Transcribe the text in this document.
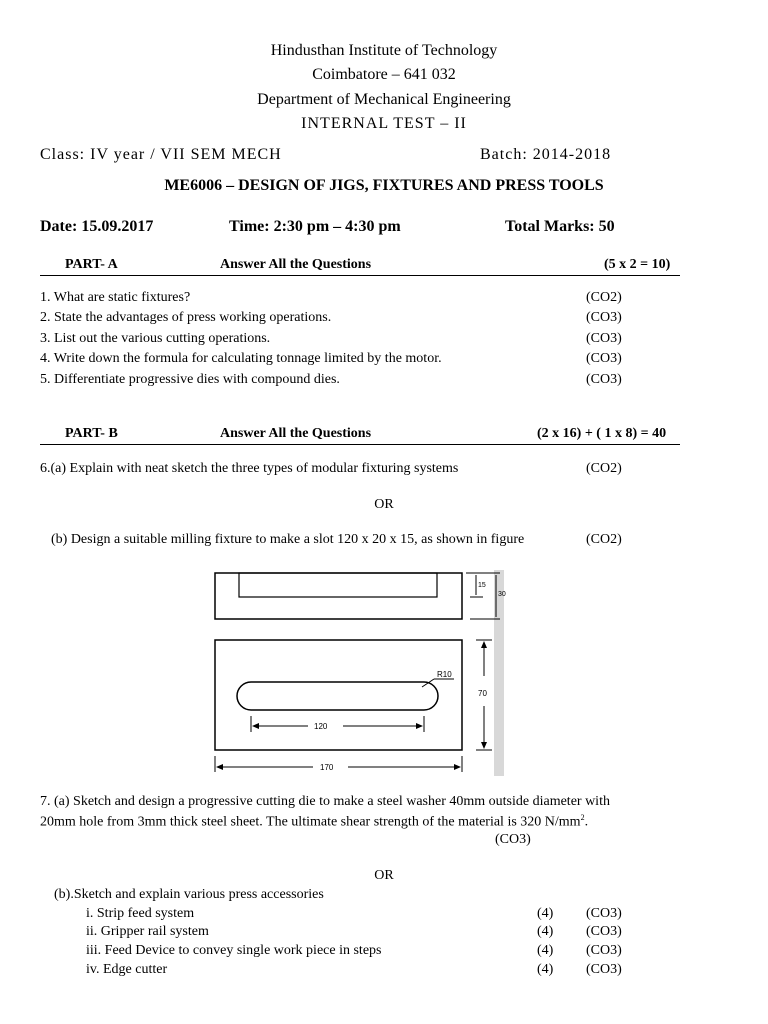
Hindusthan Institute of Technology
Coimbatore – 641 032
Department of Mechanical Engineering
INTERNAL TEST – II
Class: IV year / VII SEM MECH	Batch: 2014-2018
ME6006 – DESIGN OF JIGS, FIXTURES AND PRESS TOOLS
Date: 15.09.2017	Time: 2:30 pm – 4:30 pm	Total Marks: 50
PART- A	Answer All the Questions	(5 x 2 = 10)
1. What are static fixtures?	(CO2)
2. State the advantages of press working operations.	(CO3)
3. List out the various cutting operations.	(CO3)
4. Write down the formula for calculating tonnage limited by the motor.	(CO3)
5. Differentiate progressive dies with compound dies.	(CO3)
PART- B	Answer All the Questions	(2 x 16) + ( 1 x 8) = 40
6.(a) Explain with neat sketch the three types of modular fixturing systems	(CO2)
OR
(b) Design a suitable milling fixture to make a slot 120 x 20 x 15, as shown in figure	(CO2)
15
30
R10
70
120
170
7. (a) Sketch and design a progressive cutting die to make a steel washer 40mm outside diameter with
20mm hole from 3mm thick steel sheet. The ultimate shear strength of the material is 320 $N/mm^2$.
(CO3)
OR
(b).Sketch and explain various press accessories
i. Strip feed system	(4) (CO3)
ii. Gripper rail system	(4) (CO3)
iii. Feed Device to convey single work piece in steps	(4) (CO3)
iv. Edge cutter	(4) (CO3)
